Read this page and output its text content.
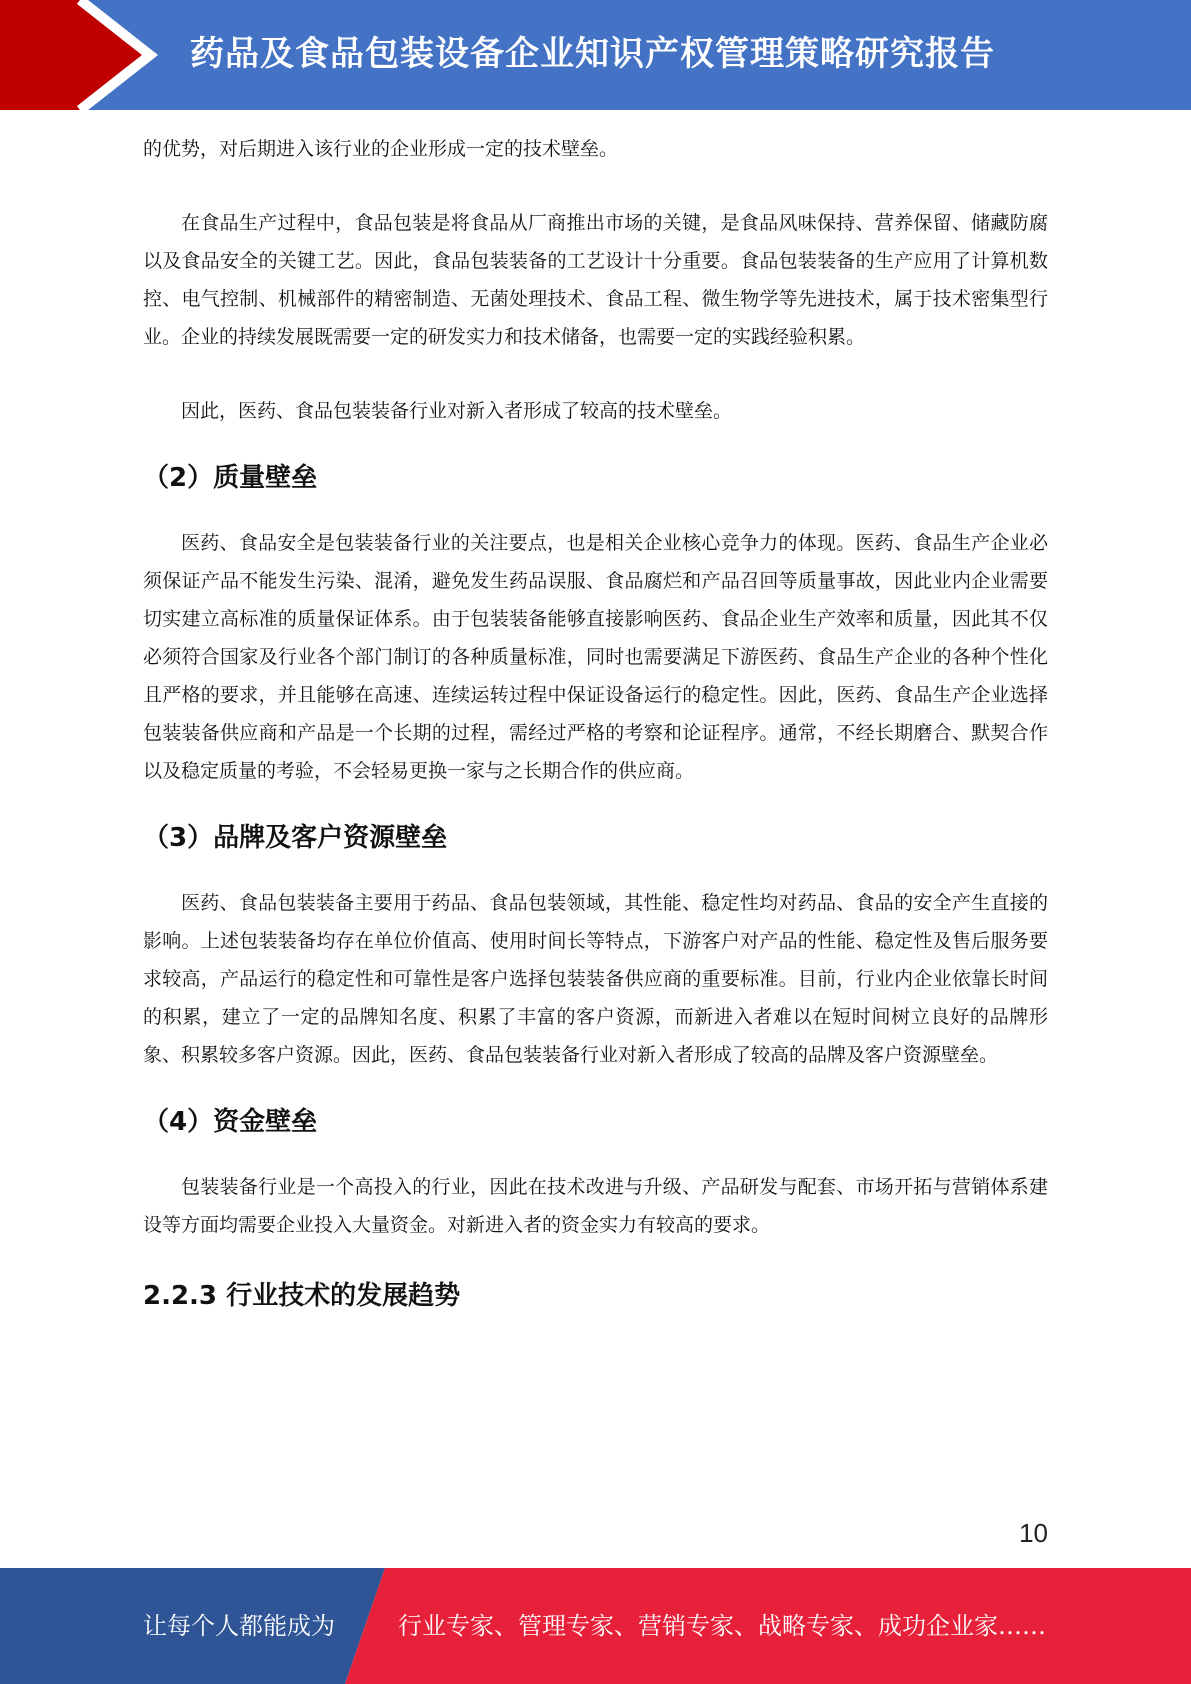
药品及食品包装设备企业知识产权管理策略研究报告

的优势，对后期进入该行业的企业形成一定的技术壁垒。

在食品生产过程中，食品包装是将食品从厂商推出市场的关键，是食品风味保持、营养保留、储藏防腐以及食品安全的关键工艺。因此，食品包装装备的工艺设计十分重要。食品包装装备的生产应用了计算机数控、电气控制、机械部件的精密制造、无菌处理技术、食品工程、微生物学等先进技术，属于技术密集型行业。企业的持续发展既需要一定的研发实力和技术储备，也需要一定的实践经验积累。

因此，医药、食品包装装备行业对新入者形成了较高的技术壁垒。

（2）质量壁垒

医药、食品安全是包装装备行业的关注要点，也是相关企业核心竞争力的体现。医药、食品生产企业必须保证产品不能发生污染、混淆，避免发生药品误服、食品腐烂和产品召回等质量事故，因此业内企业需要切实建立高标准的质量保证体系。由于包装装备能够直接影响医药、食品企业生产效率和质量，因此其不仅必须符合国家及行业各个部门制订的各种质量标准，同时也需要满足下游医药、食品生产企业的各种个性化且严格的要求，并且能够在高速、连续运转过程中保证设备运行的稳定性。因此，医药、食品生产企业选择包装装备供应商和产品是一个长期的过程，需经过严格的考察和论证程序。通常，不经长期磨合、默契合作以及稳定质量的考验，不会轻易更换一家与之长期合作的供应商。

（3）品牌及客户资源壁垒

医药、食品包装装备主要用于药品、食品包装领域，其性能、稳定性均对药品、食品的安全产生直接的影响。上述包装装备均存在单位价值高、使用时间长等特点，下游客户对产品的性能、稳定性及售后服务要求较高，产品运行的稳定性和可靠性是客户选择包装装备供应商的重要标准。目前，行业内企业依靠长时间的积累，建立了一定的品牌知名度、积累了丰富的客户资源，而新进入者难以在短时间树立良好的品牌形象、积累较多客户资源。因此，医药、食品包装装备行业对新入者形成了较高的品牌及客户资源壁垒。

（4）资金壁垒

包装装备行业是一个高投入的行业，因此在技术改进与升级、产品研发与配套、市场开拓与营销体系建设等方面均需要企业投入大量资金。对新进入者的资金实力有较高的要求。

2.2.3 行业技术的发展趋势
10
让每个人都能成为	行业专家、管理专家、营销专家、战略专家、成功企业家……
